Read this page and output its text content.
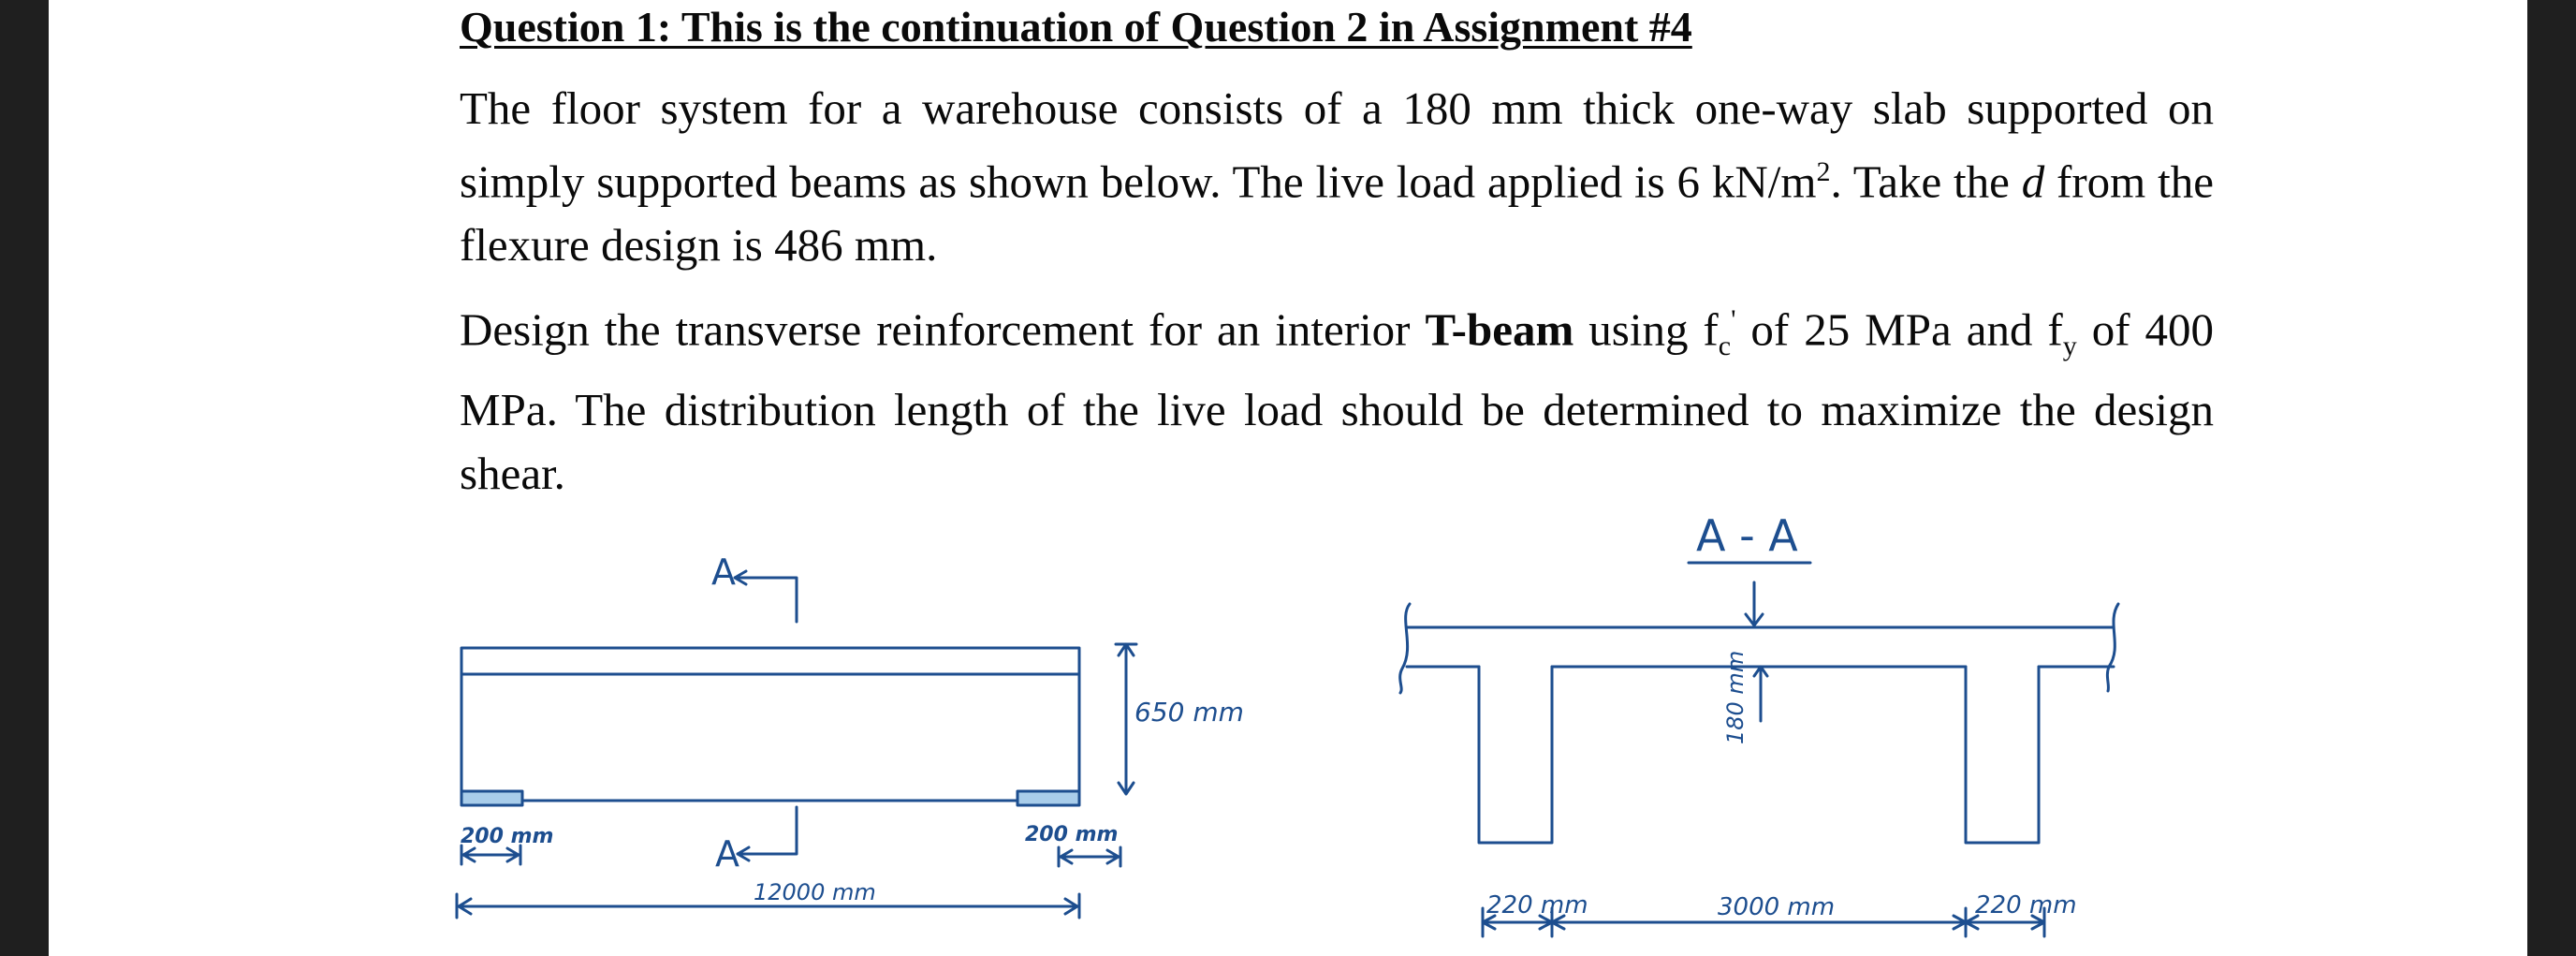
Question 1: This is the continuation of Question 2 in Assignment #4
The floor system for a warehouse consists of a 180 mm thick one-way slab supported on simply supported beams as shown below. The live load applied is 6 $kN/m^2$. Take the d from the flexure design is 486 mm.
Design the transverse reinforcement for an interior T-beam using $f_c'$ of 25 MPa and $f_y$ of 400 MPa. The distribution length of the live load should be determined to maximize the design shear.
A
A
650 mm
200 mm	200 mm
12000 mm
A - A
180 mm
220 mm	3000 mm	220 mm
